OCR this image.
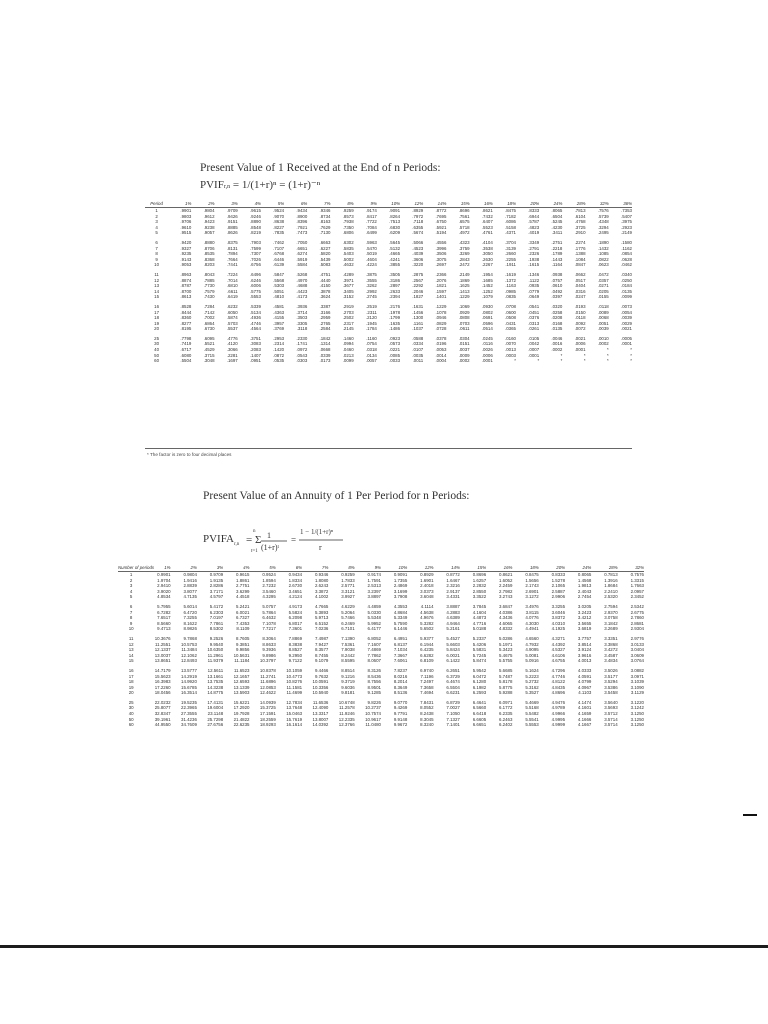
Present Value of 1 Received at the End of n Periods:
PVIFr,n = 1/(1+r)ⁿ = (1+r)⁻ⁿ
Period	1%	2%	3%	4%	5%	6%	7%	8%	9%	10%	12%	14%	15%	16%	18%	20%	24%	28%	32%	36%
1	.9901	.9804	.9709	.9615	.9524	.9434	.9346	.9259	.9174	.9091	.8929	.8772	.8696	.8621	.8475	.8333	.8065	.7813	.7576	.7353
2	.9803	.9612	.9426	.9246	.9070	.8900	.8734	.8573	.8417	.8264	.7972	.7695	.7561	.7432	.7182	.6944	.6504	.6104	.5739	.5407
3	.9706	.9423	.9151	.8890	.8638	.8396	.8163	.7938	.7722	.7513	.7118	.6750	.6575	.6407	.6086	.5787	.5245	.4768	.4348	.3975
4	.9610	.9238	.8885	.8548	.8227	.7921	.7629	.7350	.7084	.6830	.6355	.5921	.5718	.5523	.5158	.4823	.4230	.3725	.3294	.2923
5	.9515	.9057	.8626	.8219	.7835	.7473	.7130	.6806	.6499	.6209	.5674	.5194	.4972	.4761	.4371	.4019	.3411	.2910	.2495	.2149

6	.9420	.8880	.8375	.7903	.7462	.7050	.6663	.6302	.5963	.5645	.5066	.4556	.4323	.4104	.3704	.3349	.2751	.2274	.1890	.1580
7	.9327	.8706	.8131	.7599	.7107	.6651	.6227	.5835	.5470	.5132	.4523	.3996	.3759	.3538	.3139	.2791	.2218	.1776	.1432	.1162
8	.9235	.8535	.7894	.7307	.6768	.6274	.5820	.5403	.5019	.4665	.4039	.3506	.3269	.3050	.2660	.2326	.1789	.1388	.1085	.0854
9	.9143	.8368	.7664	.7026	.6446	.5919	.5439	.5002	.4604	.4241	.3606	.3075	.2843	.2630	.2255	.1938	.1443	.1084	.0822	.0628
10	.9053	.8203	.7441	.6756	.6139	.5584	.5083	.4632	.4224	.3855	.3220	.2697	.2472	.2267	.1911	.1615	.1164	.0847	.0623	.0462

11	.8963	.8043	.7224	.6496	.5847	.5268	.4751	.4289	.3875	.3505	.2875	.2366	.2149	.1954	.1619	.1346	.0938	.0662	.0472	.0340
12	.8874	.7885	.7014	.6246	.5568	.4970	.4440	.3971	.3555	.3186	.2567	.2076	.1869	.1685	.1372	.1122	.0757	.0517	.0357	.0250
13	.8787	.7730	.6810	.6006	.5303	.4688	.4150	.3677	.3262	.2897	.2292	.1821	.1625	.1452	.1163	.0935	.0610	.0404	.0271	.0184
14	.8700	.7579	.6611	.5775	.5051	.4423	.3878	.3405	.2992	.2633	.2046	.1597	.1413	.1252	.0985	.0779	.0492	.0316	.0205	.0135
15	.8613	.7430	.6419	.5553	.4810	.4173	.3624	.3152	.2745	.2394	.1827	.1401	.1229	.1079	.0835	.0649	.0397	.0247	.0155	.0099

16	.8528	.7284	.6232	.5339	.4581	.3936	.3387	.2919	.2519	.2176	.1631	.1229	.1069	.0930	.0708	.0541	.0320	.0193	.0118	.0073
17	.8444	.7142	.6050	.5134	.4363	.3714	.3166	.2703	.2311	.1978	.1456	.1078	.0929	.0802	.0600	.0451	.0258	.0150	.0089	.0054
18	.8360	.7002	.5874	.4936	.4155	.3503	.2959	.2502	.2120	.1799	.1300	.0946	.0808	.0691	.0508	.0376	.0208	.0118	.0068	.0039
19	.8277	.6864	.5703	.4746	.3957	.3305	.2765	.2317	.1945	.1635	.1161	.0829	.0703	.0596	.0431	.0313	.0168	.0092	.0051	.0029
20	.8195	.6730	.5537	.4564	.3769	.3118	.2584	.2145	.1784	.1486	.1037	.0728	.0611	.0514	.0365	.0261	.0135	.0072	.0039	.0021

25	.7798	.6095	.4776	.3751	.2953	.2330	.1842	.1460	.1160	.0923	.0588	.0378	.0304	.0245	.0160	.0105	.0046	.0021	.0010	.0005
30	.7419	.5521	.4120	.3083	.2314	.1741	.1314	.0994	.0754	.0573	.0334	.0196	.0151	.0116	.0070	.0042	.0016	.0006	.0002	.0001
40	.6717	.4529	.3066	.2083	.1420	.0972	.0668	.0460	.0318	.0221	.0107	.0053	.0037	.0026	.0013	.0007	.0002	.0001	*	*
50	.6080	.3715	.2281	.1407	.0872	.0543	.0339	.0213	.0134	.0085	.0035	.0014	.0009	.0006	.0003	.0001	*	*	*	*
60	.5504	.3048	.1697	.0951	.0535	.0303	.0173	.0099	.0057	.0033	.0011	.0004	.0002	.0001	*	*	*	*	*	*
* The factor is zero to four decimal places
Present Value of an Annuity of 1 Per Period for n Periods:
PVIFA r,n = Σ
n
t=1
1
(1+r)ᵗ
=
1 − 1/(1+r)ⁿ
r
Number of periods	1%	2%	3%	4%	5%	6%	7%	8%	9%	10%	12%	14%	15%	16%	18%	20%	24%	28%	32%
1	0.9901	0.9804	0.9709	0.9615	0.9524	0.9434	0.9346	0.9259	0.9174	0.9091	0.8929	0.8772	0.8696	0.8621	0.8475	0.8333	0.8065	0.7813	0.7576
2	1.9704	1.9416	1.9135	1.8861	1.8594	1.8334	1.8080	1.7833	1.7591	1.7355	1.6901	1.6467	1.6257	1.6052	1.5656	1.5278	1.4568	1.3916	1.3315
3	2.9410	2.8839	2.8286	2.7751	2.7232	2.6730	2.6243	2.5771	2.5313	2.4869	2.4018	2.3216	2.2832	2.2459	2.1743	2.1065	1.9813	1.8684	1.7663
4	3.9020	3.8077	3.7171	3.6299	3.5460	3.4651	3.3872	3.3121	3.2397	3.1699	3.0373	2.9137	2.8550	2.7982	2.6901	2.5887	2.4043	2.2410	2.0957
5	4.8534	4.7135	4.5797	4.4518	4.3295	4.2124	4.1002	3.9927	3.8897	3.7908	3.6048	3.4331	3.3522	3.2743	3.1272	2.9906	2.7454	2.5320	2.3452

6	5.7955	5.6014	5.4172	5.2421	5.0757	4.9173	4.7665	4.6229	4.4859	4.3553	4.1114	3.8887	3.7845	3.6847	3.4976	3.3255	3.0205	2.7594	2.5342
7	6.7282	6.4720	6.2303	6.0021	5.7864	5.5824	5.3893	5.2064	5.0330	4.8684	4.5638	4.2883	4.1604	4.0386	3.8115	3.6046	3.2423	2.9370	2.6775
8	7.6517	7.3255	7.0197	6.7327	6.4632	6.2098	5.9713	5.7466	5.5348	5.3349	4.9676	4.6389	4.4873	4.3436	4.0776	3.8372	3.4212	3.0758	2.7860
9	8.5660	8.1622	7.7861	7.4353	7.1078	6.8017	6.5152	6.2469	5.9952	5.7590	5.3282	4.9464	4.7716	4.6065	4.3030	4.0310	3.5655	3.1842	2.8681
10	9.4713	8.9826	8.5302	8.1109	7.7217	7.3601	7.0236	6.7101	6.4177	6.1446	5.6502	5.2161	5.0188	4.8332	4.4941	4.1925	3.6819	3.2689	2.9304

11	10.3676	9.7868	9.2526	8.7605	8.3064	7.8869	7.4987	7.1390	6.8052	6.4951	5.9377	5.4527	5.2337	5.0286	4.6560	4.3271	3.7757	3.3351	2.9776
12	11.2551	10.5753	9.9540	9.3851	8.8633	8.3838	7.9427	7.5361	7.1607	6.8137	6.1944	5.6603	5.4206	5.1971	4.7932	4.4392	3.8514	3.3868	3.0133
13	12.1337	11.3484	10.6350	9.9856	9.3936	8.8527	8.3577	7.9038	7.4869	7.1034	6.4235	5.8424	5.5831	5.3423	4.9095	4.5327	3.9124	3.4272	3.0404
14	13.0037	12.1062	11.2961	10.5631	9.8986	9.2950	8.7455	8.2442	7.7862	7.3667	6.6282	6.0021	5.7245	5.4675	5.0081	4.6106	3.9616	3.4587	3.0609
15	13.8651	12.8493	11.9379	11.1184	10.3797	9.7122	9.1079	8.5595	8.0607	7.6061	6.8109	6.1422	5.8474	5.5755	5.0916	4.6755	4.0013	3.4834	3.0764

16	14.7179	13.5777	12.5611	11.6523	10.8378	10.1059	9.4466	8.8514	8.3126	7.8237	6.9740	6.2651	5.9542	5.6685	5.1624	4.7296	4.0333	3.5026	3.0882
17	15.5623	14.2919	13.1661	12.1657	11.2741	10.4773	9.7632	9.1216	8.5436	8.0216	7.1196	6.3729	6.0472	5.7487	5.2223	4.7746	4.0591	3.5177	3.0971
18	16.3983	14.9920	13.7535	12.6593	11.6896	10.8276	10.0591	9.3719	8.7556	8.2014	7.2497	6.4674	6.1280	5.8178	5.2732	4.8122	4.0799	3.5294	3.1039
19	17.2260	15.6785	14.3238	13.1339	12.0853	11.1581	10.3356	9.6036	8.9501	8.3649	7.3658	6.5504	6.1982	5.8775	5.3162	4.8435	4.0967	3.5386	3.1090
20	18.0456	16.3514	14.8775	13.5903	12.4622	11.4699	10.5940	9.8181	9.1285	8.5136	7.4694	6.6231	6.2593	5.9288	5.3527	4.8696	4.1103	3.5458	3.1129

25	22.0232	19.5235	17.4131	15.6221	14.0939	12.7834	11.6536	10.6748	9.8226	9.0770	7.8431	6.8729	6.4641	6.0971	5.4669	4.9476	4.1474	3.5640	3.1220
30	25.8077	22.3965	19.6004	17.2920	15.3725	13.7648	12.4090	11.2578	10.2737	9.4269	8.0552	7.0027	6.5660	6.1772	5.5168	4.9789	4.1601	3.5693	3.1242
40	32.8347	27.3555	23.1148	19.7928	17.1591	15.0463	13.3317	11.9246	10.7574	9.7791	8.2438	7.1050	6.6418	6.2335	5.5482	4.9966	4.1659	3.5712	3.1250
50	39.1961	31.4236	25.7298	21.4822	18.2559	15.7619	13.8007	12.2335	10.9617	9.9148	8.3045	7.1327	6.6605	6.2463	5.5541	4.9995	4.1666	3.5714	3.1250
60	44.9550	34.7609	27.6756	22.6235	18.9293	16.1614	14.0392	12.3766	11.0480	9.9672	8.3240	7.1401	6.6651	6.2402	5.5553	4.9999	4.1667	3.5714	3.1250
